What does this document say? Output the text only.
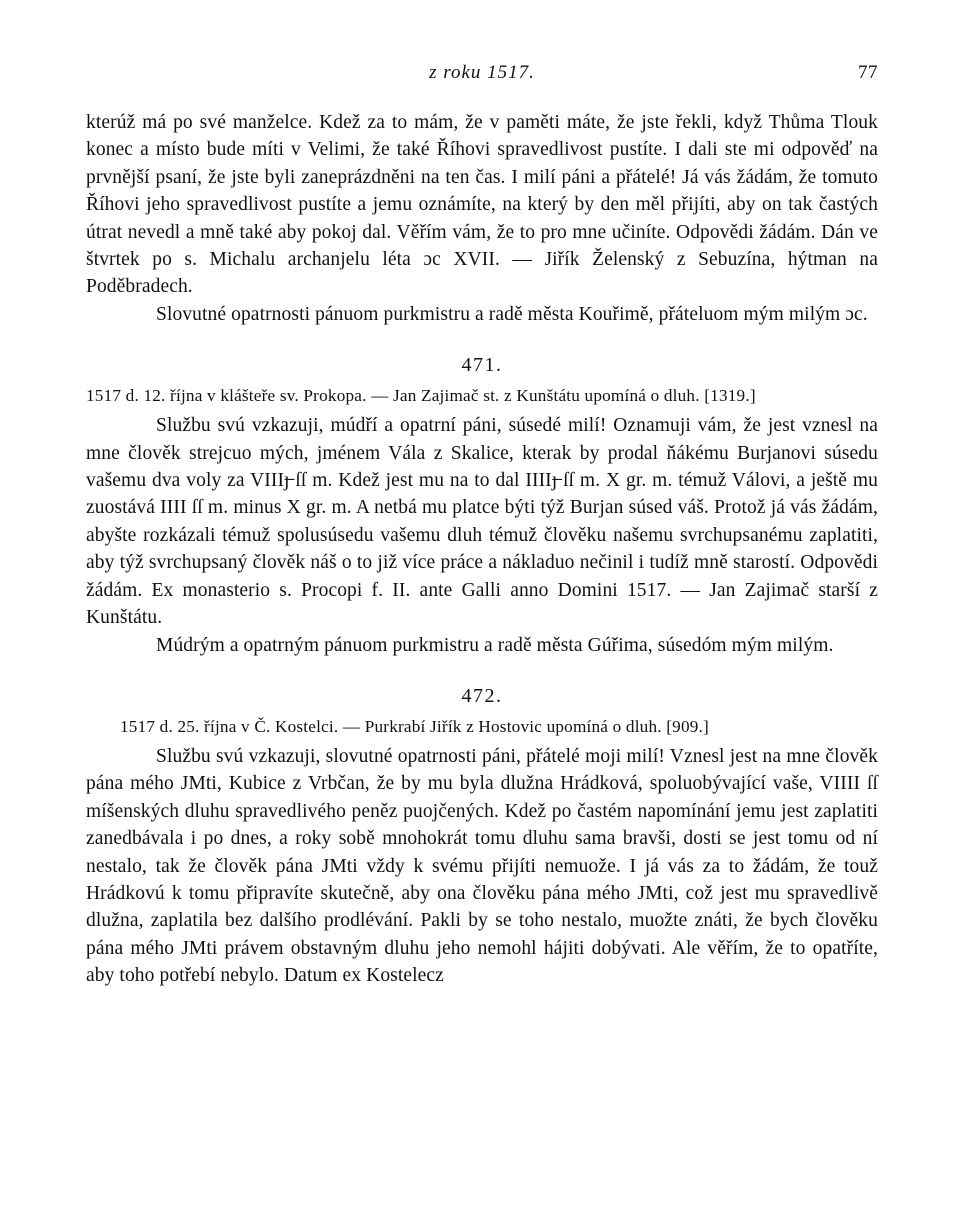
z roku 1517.	77

kterúž má po své manželce. Kdež za to mám, že v paměti máte, že jste řekli, když Thůma Tlouk konec a místo bude míti v Velimi, že také Říhovi spravedlivost pustíte. I dali ste mi odpověď na prvnější psaní, že jste byli zaneprázdněni na ten čas. I milí páni a přátelé! Já vás žádám, že tomuto Říhovi jeho spravedlivost pustíte a jemu oznámíte, na který by den měl přijíti, aby on tak častých útrat nevedl a mně také aby pokoj dal. Věřím vám, že to pro mne učiníte. Odpovědi žádám. Dán ve štvrtek po s. Michalu archanjelu léta ɔc XVII. — Jiřík Želenský z Sebuzína, hýtman na Poděbradech.

Slovutné opatrnosti pánuom purkmistru a radě města Kouřimě, přáteluom mým milým ɔc.

471.

1517 d. 12. října v klášteře sv. Prokopa. — Jan Zajimač st. z Kunštátu upomíná o dluh. [1319.]

Službu svú vzkazuji, múdří a opatrní páni, súsedé milí! Oznamuji vám, že jest vznesl na mne člověk strejcuo mých, jménem Vála z Skalice, kterak by prodal ňákému Burjanovi súsedu vašemu dva voly za VIIIȷ̶ ſſ m. Kdež jest mu na to dal IIIIȷ̶ ſſ m. X gr. m. témuž Válovi, a ještě mu zuostává IIII ſſ m. minus X gr. m. A netbá mu platce býti týž Burjan súsed váš. Protož já vás žádám, abyšte rozkázali témuž spolusúsedu vašemu dluh témuž člověku našemu svrchupsanému zaplatiti, aby týž svrchupsaný člověk náš o to již více práce a nákladuo nečinil i tudíž mně starostí. Odpovědi žádám. Ex monasterio s. Procopi f. II. ante Galli anno Domini 1517. — Jan Zajimač starší z Kunštátu.

Múdrým a opatrným pánuom purkmistru a radě města Gúřima, súsedóm mým milým.

472.

1517 d. 25. října v Č. Kostelci. — Purkrabí Jiřík z Hostovic upomíná o dluh. [909.]

Službu svú vzkazuji, slovutné opatrnosti páni, přátelé moji milí! Vznesl jest na mne člověk pána mého JMti, Kubice z Vrbčan, že by mu byla dlužna Hrádková, spoluobývající vaše, VIIII ſſ míšenských dluhu spravedlivého peněz puojčených. Kdež po častém napomínání jemu jest zaplatiti zanedbávala i po dnes, a roky sobě mnohokrát tomu dluhu sama bravši, dosti se jest tomu od ní nestalo, tak že člověk pána JMti vždy k svému přijíti nemuože. I já vás za to žádám, že touž Hrádkovú k tomu připravíte skutečně, aby ona člověku pána mého JMti, což jest mu spravedlivě dlužna, zaplatila bez dalšího prodlévání. Pakli by se toho nestalo, muožte znáti, že bych člověku pána mého JMti právem obstavným dluhu jeho nemohl hájiti dobývati. Ale věřím, že to opatříte, aby toho potřebí nebylo. Datum ex Kostelecz
